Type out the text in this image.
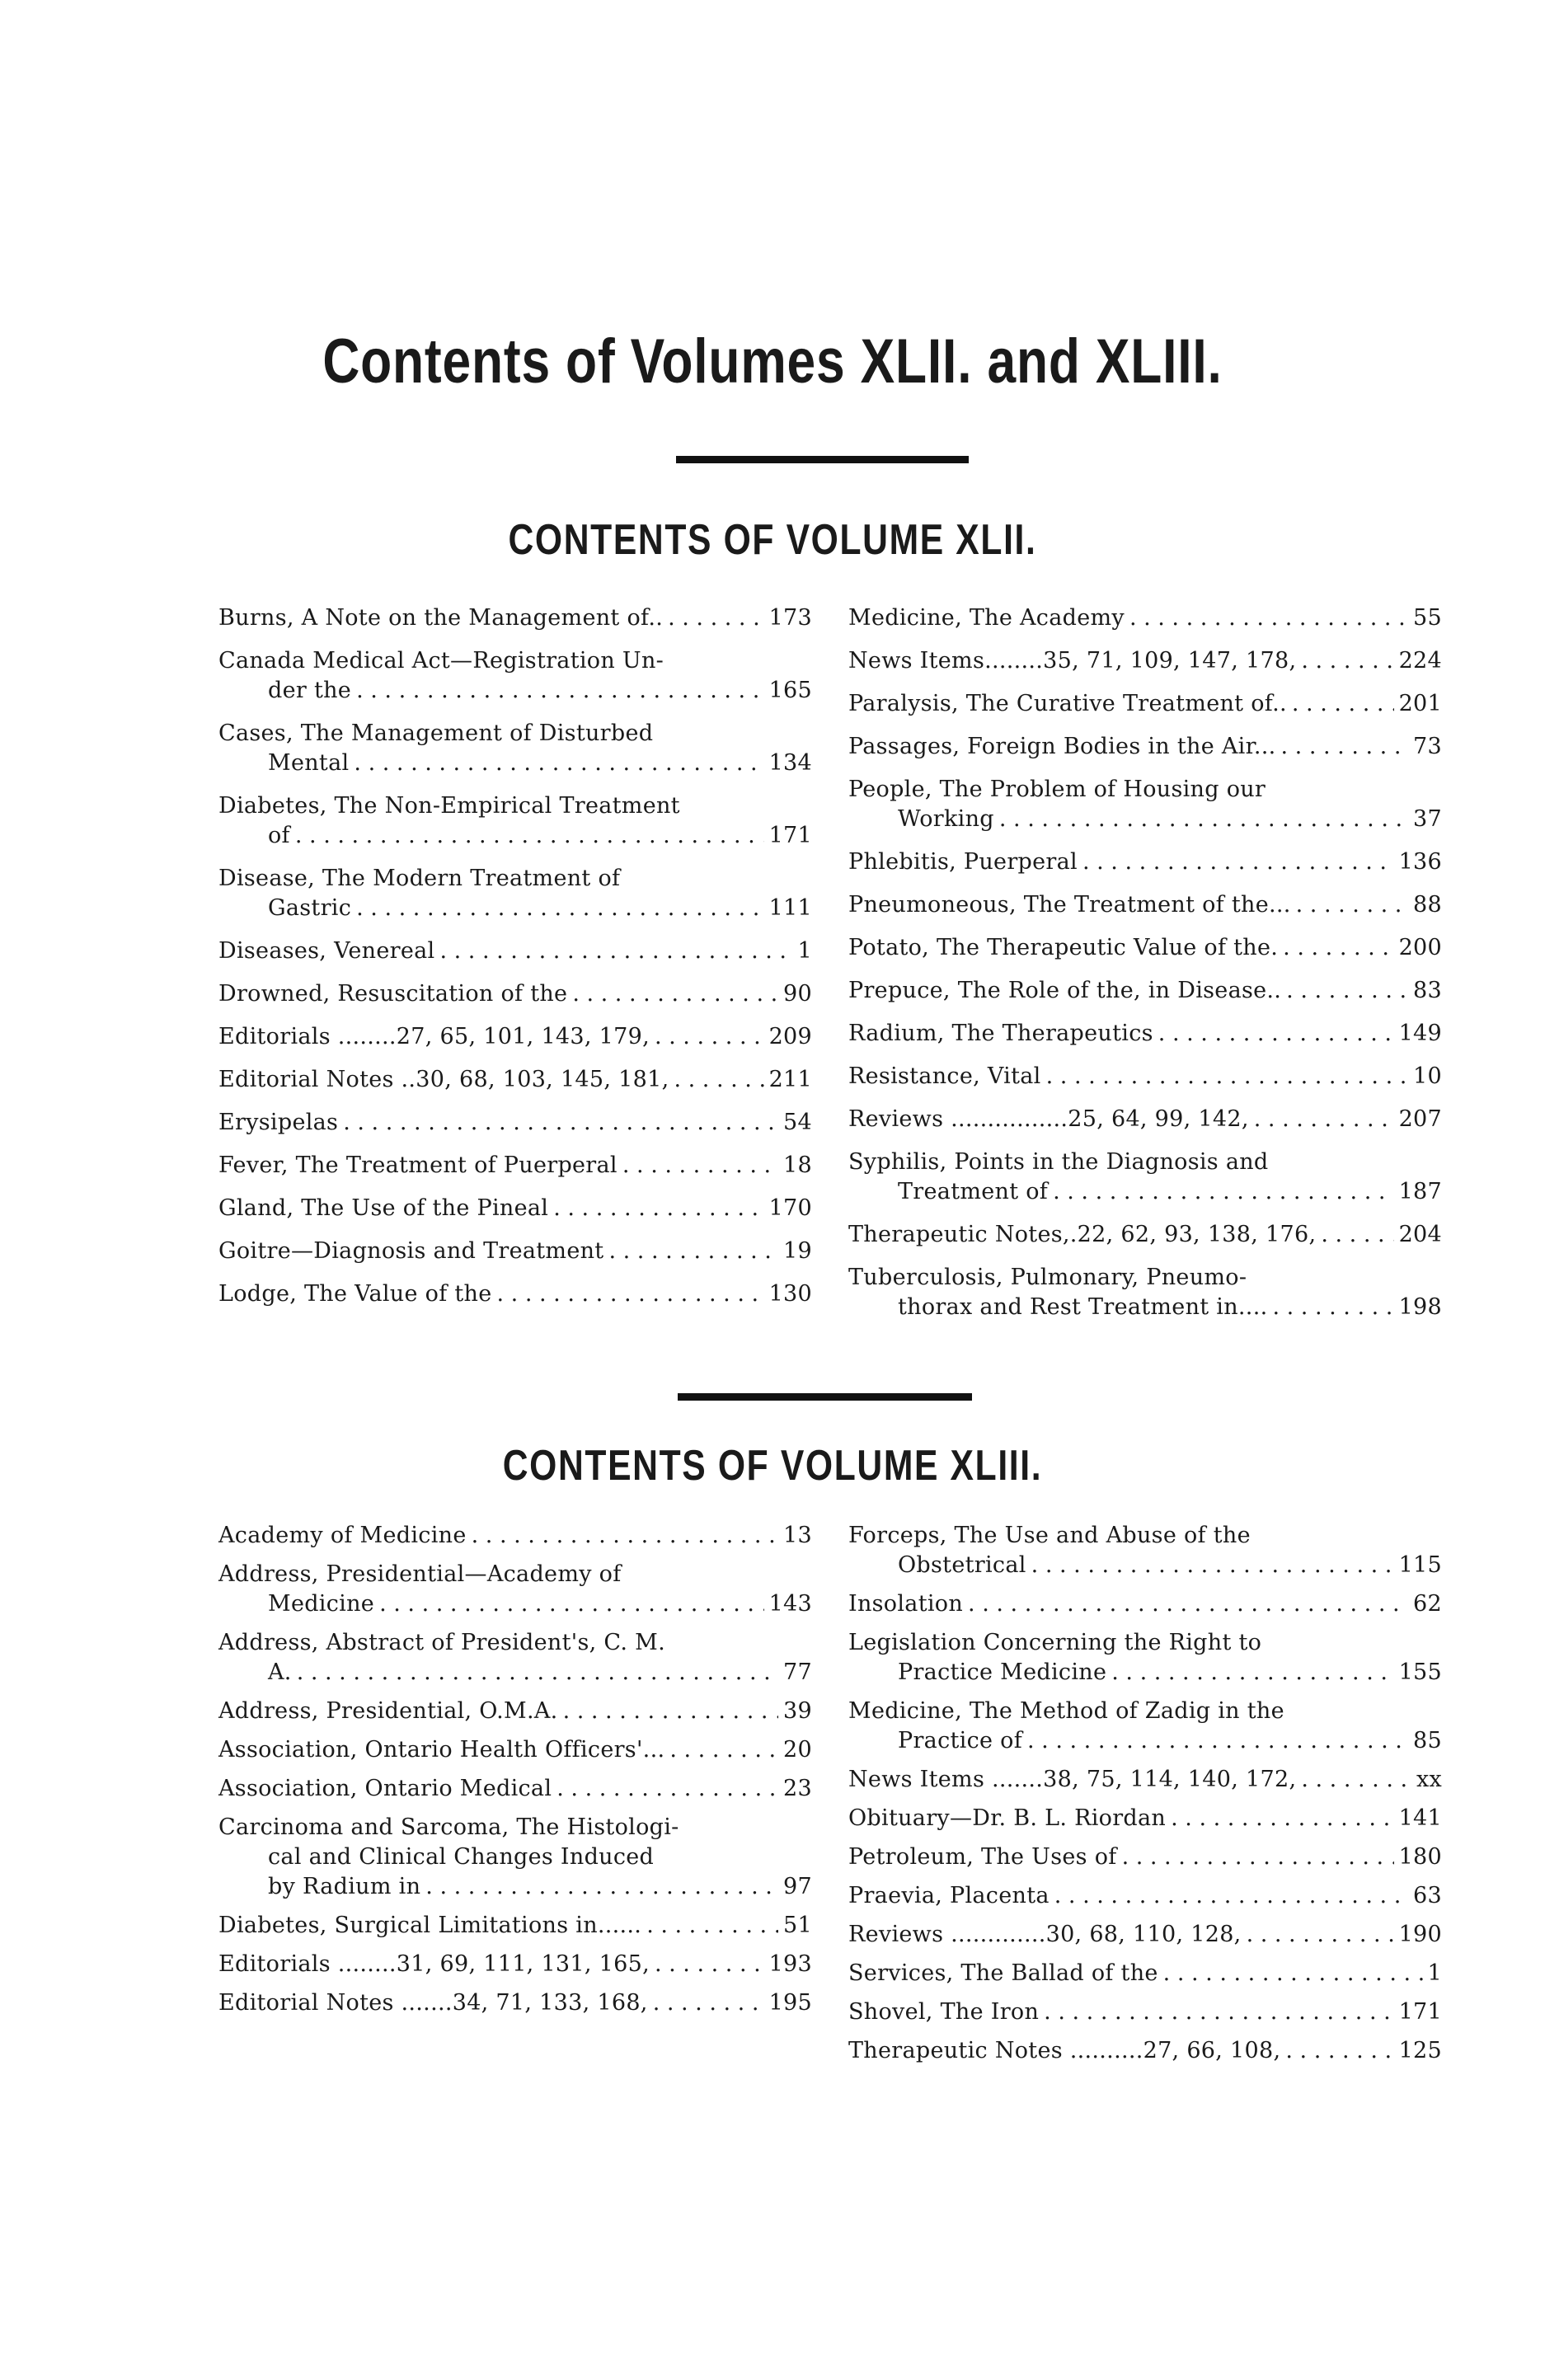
Contents of Volumes XLII. and XLIII.
CONTENTS OF VOLUME XLII.
Burns, A Note on the Management of.. . . .	173
Canada Medical Act—Registration Un-
der the . . .	165
Cases, The Management of Disturbed
Mental . . .	134
Diabetes, The Non-Empirical Treatment
of . . .	171
Disease, The Modern Treatment of
Gastric . . .	111
Diseases, Venereal . . .	1
Drowned, Resuscitation of the . . .	90
Editorials ........27, 65, 101, 143, 179, . . .	209
Editorial Notes ..30, 68, 103, 145, 181, . . .	211
Erysipelas . . .	54
Fever, The Treatment of Puerperal . . .	18
Gland, The Use of the Pineal . . .	170
Goitre—Diagnosis and Treatment . . .	19
Lodge, The Value of the . . .	130
Medicine, The Academy . . .	55
News Items........35, 71, 109, 147, 178, . . .	224
Paralysis, The Curative Treatment of.. . . .	201
Passages, Foreign Bodies in the Air... . . .	73
People, The Problem of Housing our
Working . . .	37
Phlebitis, Puerperal . . .	136
Pneumoneous, The Treatment of the... . . .	88
Potato, The Therapeutic Value of the. . . .	200
Prepuce, The Role of the, in Disease.. . . .	83
Radium, The Therapeutics . . .	149
Resistance, Vital . . .	10
Reviews ................25, 64, 99, 142, . . .	207
Syphilis, Points in the Diagnosis and
Treatment of . . .	187
Therapeutic Notes,.22, 62, 93, 138, 176, . . .	204
Tuberculosis, Pulmonary, Pneumo-
thorax and Rest Treatment in.... . . .	198
CONTENTS OF VOLUME XLIII.
Academy of Medicine . . .	13
Address, Presidential—Academy of
Medicine . . .	143
Address, Abstract of President's, C. M.
A. . . .	77
Address, Presidential, O.M.A. . . .	39
Association, Ontario Health Officers'... . . .	20
Association, Ontario Medical . . .	23
Carcinoma and Sarcoma, The Histologi-
cal and Clinical Changes Induced
by Radium in . . .	97
Diabetes, Surgical Limitations in...... . . .	51
Editorials ........31, 69, 111, 131, 165, . . .	193
Editorial Notes .......34, 71, 133, 168, . . .	195
Forceps, The Use and Abuse of the
Obstetrical . . .	115
Insolation . . .	62
Legislation Concerning the Right to
Practice Medicine . . .	155
Medicine, The Method of Zadig in the
Practice of . . .	85
News Items .......38, 75, 114, 140, 172, . . .	xx
Obituary—Dr. B. L. Riordan . . .	141
Petroleum, The Uses of . . .	180
Praevia, Placenta . . .	63
Reviews .............30, 68, 110, 128, . . .	190
Services, The Ballad of the . . .	1
Shovel, The Iron . . .	171
Therapeutic Notes ..........27, 66, 108, . . .	125
